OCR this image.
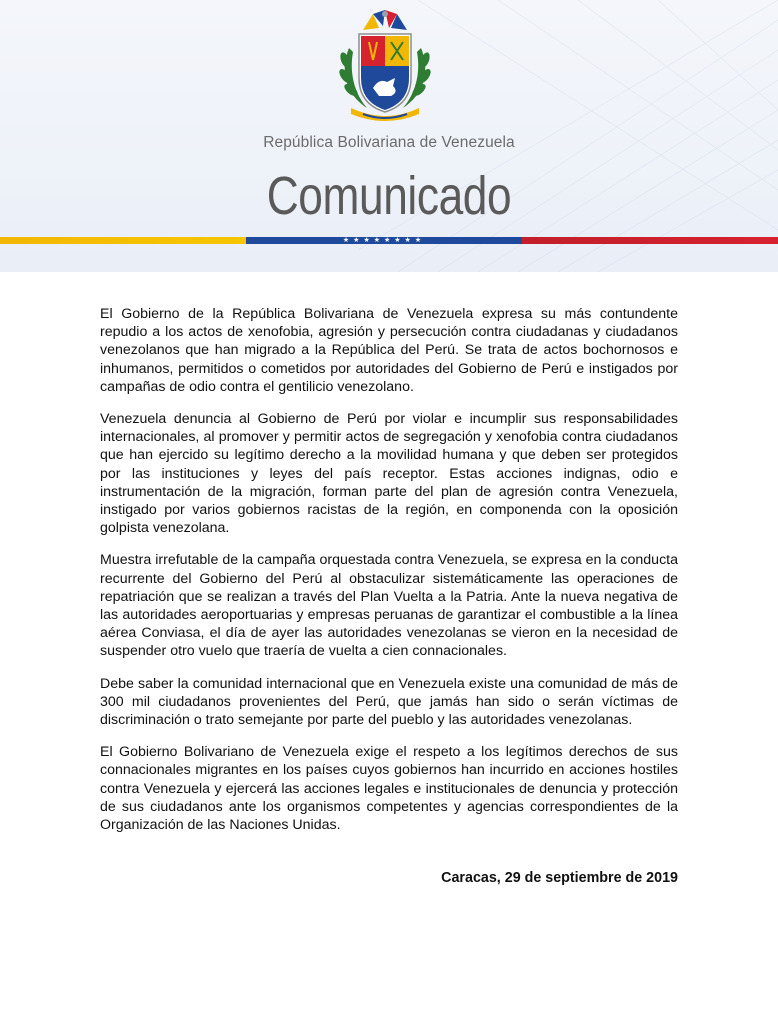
República Bolivariana de Venezuela
Comunicado
★★★★★★★★

El Gobierno de la República Bolivariana de Venezuela expresa su más contundente repudio a los actos de xenofobia, agresión y persecución contra ciudadanas y ciudadanos venezolanos que han migrado a la República del Perú. Se trata de actos bochornosos e inhumanos, permitidos o cometidos por autoridades del Gobierno de Perú e instigados por campañas de odio contra el gentilicio venezolano.

Venezuela denuncia al Gobierno de Perú por violar e incumplir sus responsabilidades internacionales, al promover y permitir actos de segregación y xenofobia contra ciudadanos que han ejercido su legítimo derecho a la movilidad humana y que deben ser protegidos por las instituciones y leyes del país receptor. Estas acciones indignas, odio e instrumentación de la migración, forman parte del plan de agresión contra Venezuela, instigado por varios gobiernos racistas de la región, en componenda con la oposición golpista venezolana.

Muestra irrefutable de la campaña orquestada contra Venezuela, se expresa en la conducta recurrente del Gobierno del Perú al obstaculizar sistemáticamente las operaciones de repatriación que se realizan a través del Plan Vuelta a la Patria. Ante la nueva negativa de las autoridades aeroportuarias y empresas peruanas de garantizar el combustible a la línea aérea Conviasa, el día de ayer las autoridades venezolanas se vieron en la necesidad de suspender otro vuelo que traería de vuelta a cien connacionales.

Debe saber la comunidad internacional que en Venezuela existe una comunidad de más de 300 mil ciudadanos provenientes del Perú, que jamás han sido o serán víctimas de discriminación o trato semejante por parte del pueblo y las autoridades venezolanas.

El Gobierno Bolivariano de Venezuela exige el respeto a los legítimos derechos de sus connacionales migrantes en los países cuyos gobiernos han incurrido en acciones hostiles contra Venezuela y ejercerá las acciones legales e institucionales de denuncia y protección de sus ciudadanos ante los organismos competentes y agencias correspondientes de la Organización de las Naciones Unidas.

Caracas, 29 de septiembre de 2019
